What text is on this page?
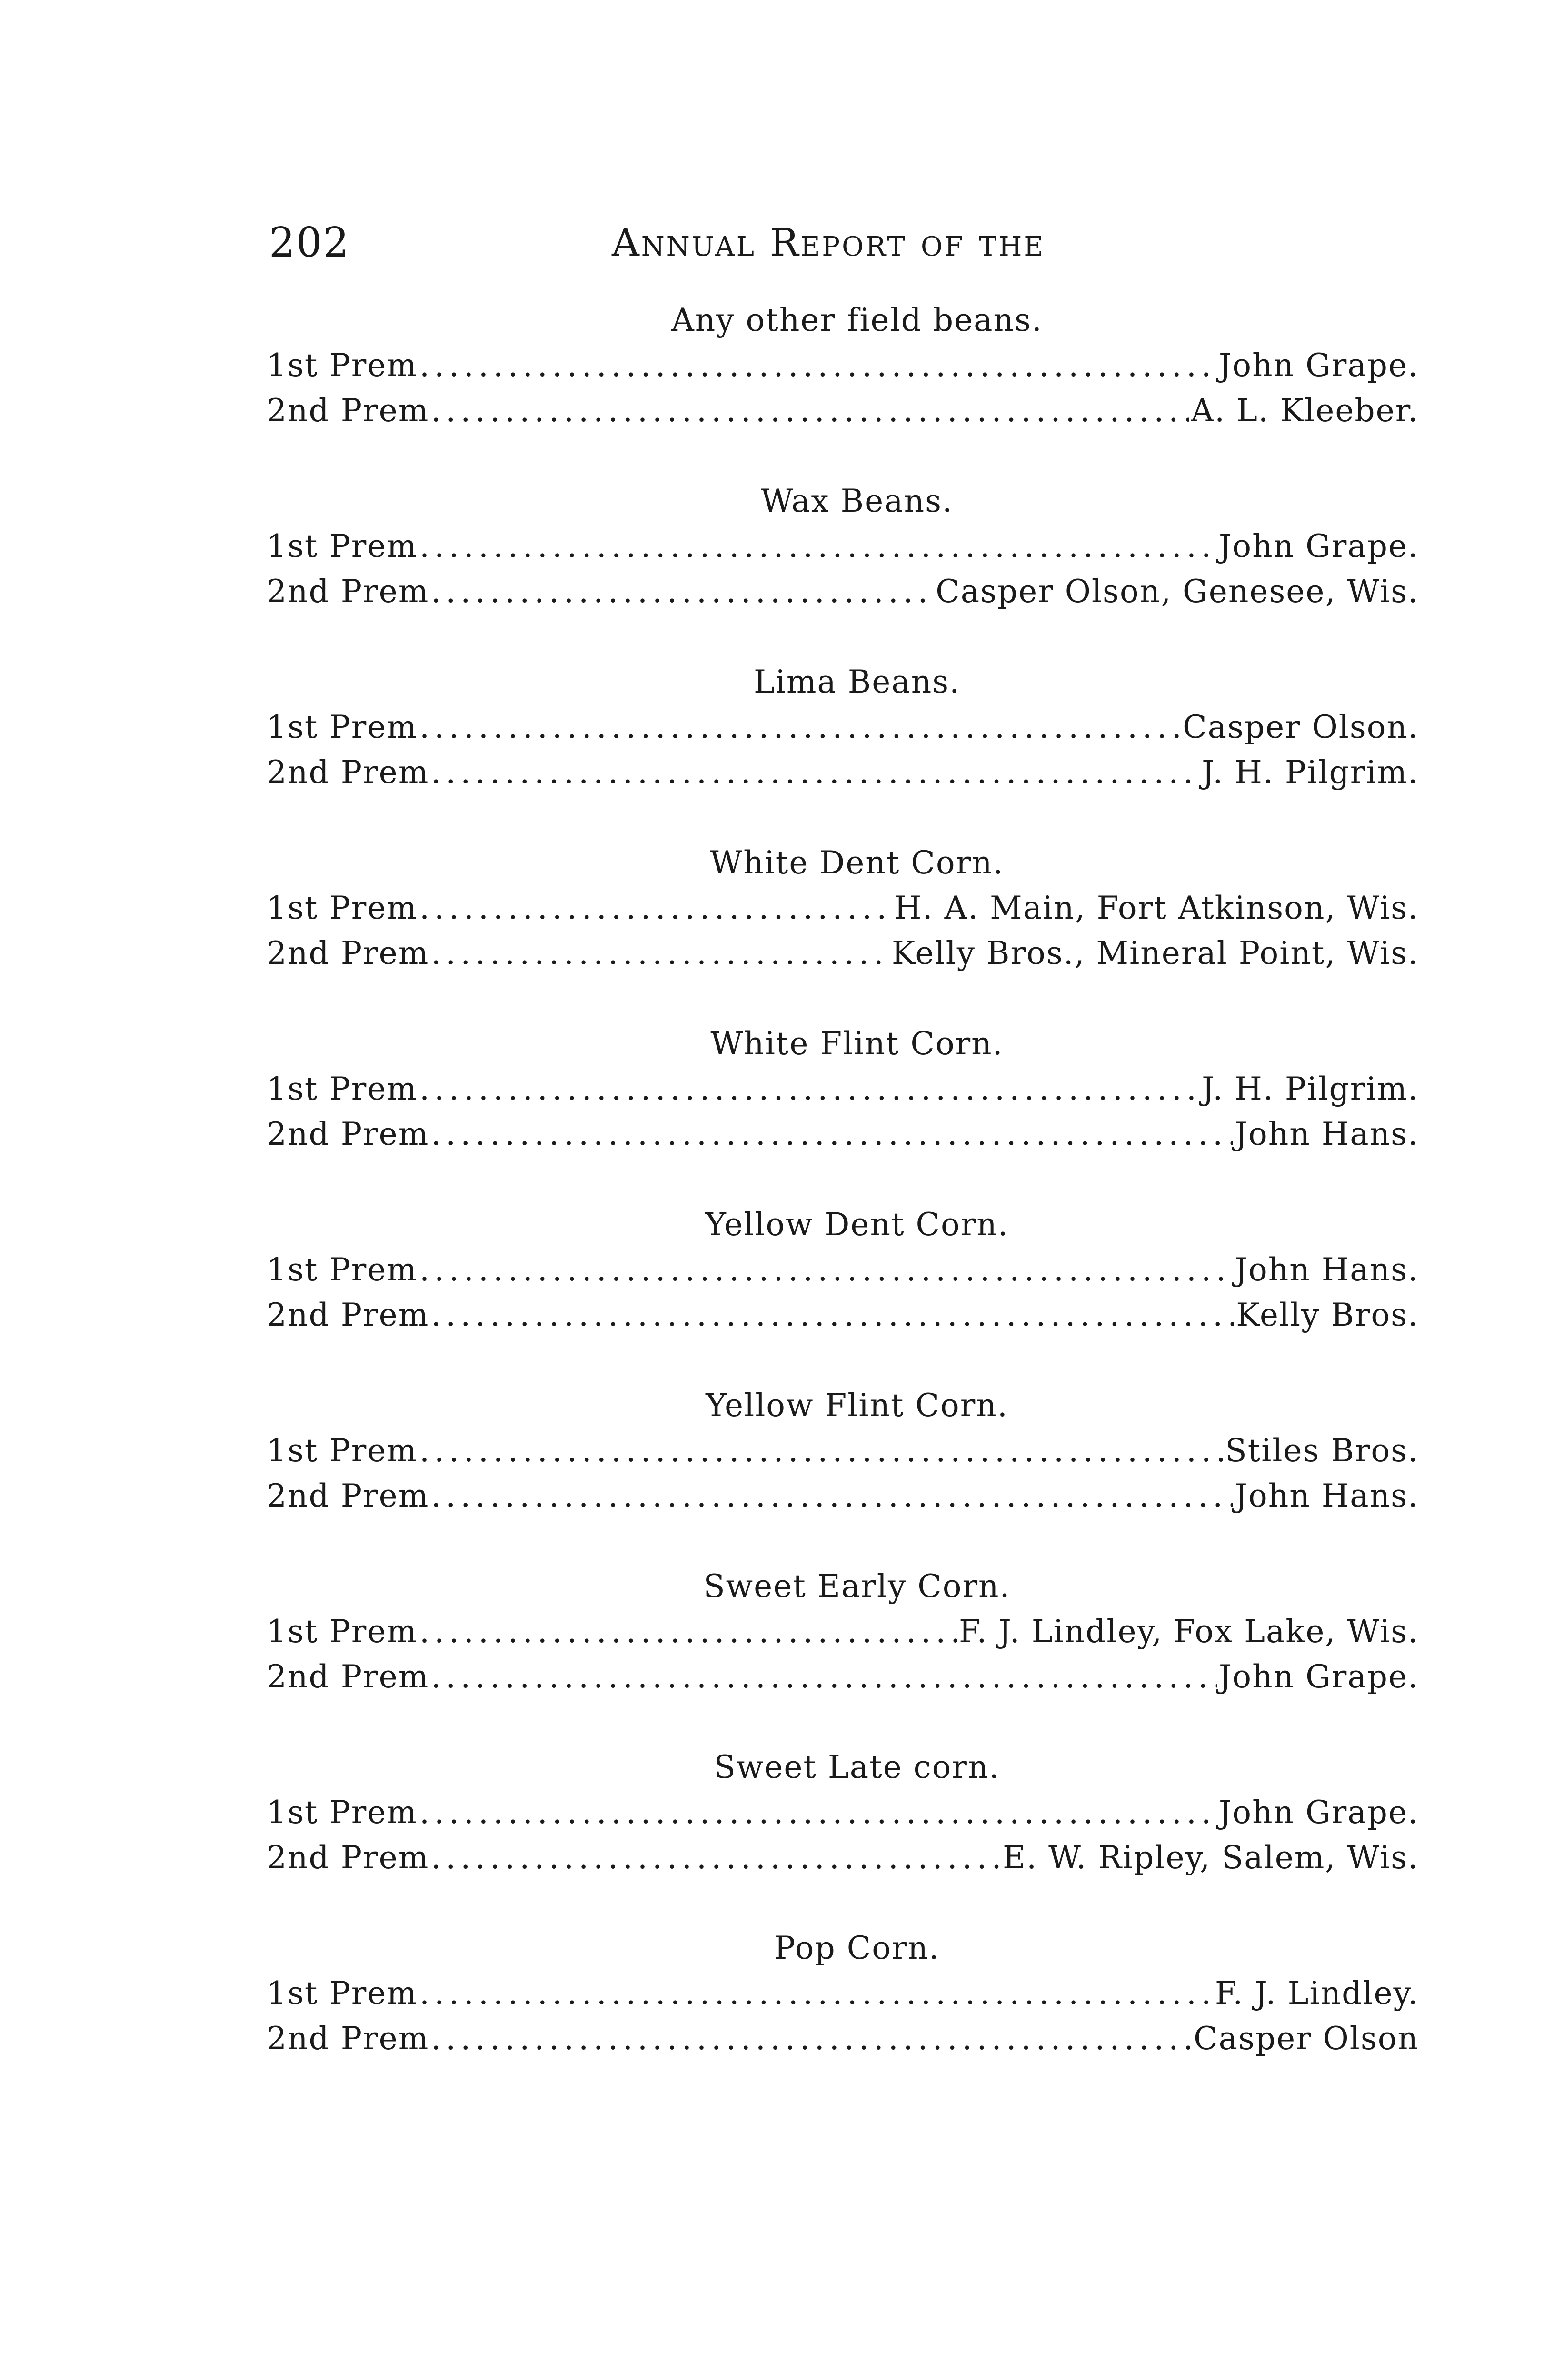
202	Annual Report of the
Any other field beans.
1st Prem .....	John Grape.
2nd Prem .....	A. L. Kleeber.
Wax Beans.
1st Prem .....	John Grape.
2nd Prem .....	Casper Olson, Genesee, Wis.
Lima Beans.
1st Prem .....	Casper Olson.
2nd Prem .....	J. H. Pilgrim.
White Dent Corn.
1st Prem .....	H. A. Main, Fort Atkinson, Wis.
2nd Prem .....	Kelly Bros., Mineral Point, Wis.
White Flint Corn.
1st Prem .....	J. H. Pilgrim.
2nd Prem .....	John Hans.
Yellow Dent Corn.
1st Prem .....	John Hans.
2nd Prem .....	Kelly Bros.
Yellow Flint Corn.
1st Prem .....	Stiles Bros.
2nd Prem .....	John Hans.
Sweet Early Corn.
1st Prem .....	F. J. Lindley, Fox Lake, Wis.
2nd Prem .....	John Grape.
Sweet Late corn.
1st Prem .....	John Grape.
2nd Prem .....	E. W. Ripley, Salem, Wis.
Pop Corn.
1st Prem .....	F. J. Lindley.
2nd Prem .....	Casper Olson
